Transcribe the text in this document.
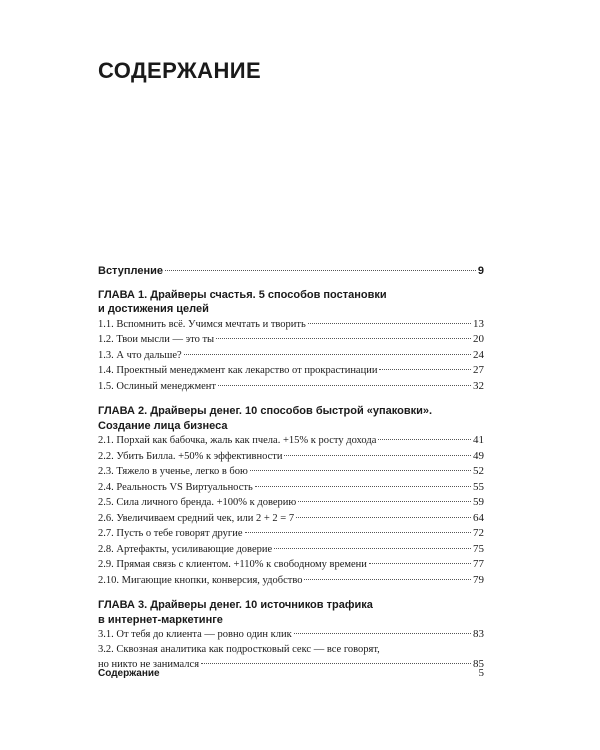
СОДЕРЖАНИЕ
Вступление	9
ГЛАВА 1. Драйверы счастья. 5 способов постановки
и достижения целей
1.1. Вспомнить всё. Учимся мечтать и творить	13
1.2. Твои мысли — это ты	20
1.3. А что дальше?	24
1.4. Проектный менеджмент как лекарство от прокрастинации	27
1.5. Ослиный менеджмент	32
ГЛАВА 2. Драйверы денег. 10 способов быстрой «упаковки».
Создание лица бизнеса
2.1. Порхай как бабочка, жаль как пчела. +15% к росту дохода	41
2.2. Убить Билла. +50% к эффективности	49
2.3. Тяжело в ученье, легко в бою	52
2.4. Реальность VS Виртуальность	55
2.5. Сила личного бренда. +100% к доверию	59
2.6. Увеличиваем средний чек, или 2 + 2 = 7	64
2.7. Пусть о тебе говорят другие	72
2.8. Артефакты, усиливающие доверие	75
2.9. Прямая связь с клиентом. +110% к свободному времени	77
2.10. Мигающие кнопки, конверсия, удобство	79
ГЛАВА 3. Драйверы денег. 10 источников трафика
в интернет-маркетинге
3.1. От тебя до клиента — ровно один клик	83
3.2. Сквозная аналитика как подростковый секс — все говорят,
но никто не занимался	85
Содержание	5
